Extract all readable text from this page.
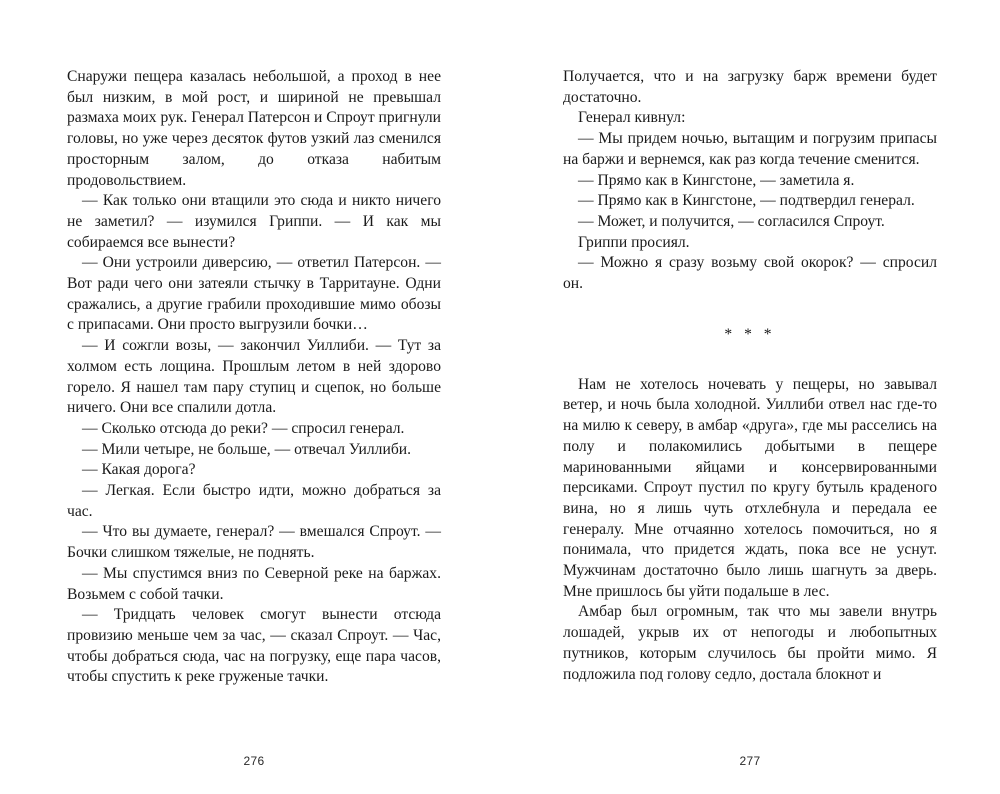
Снаружи пещера казалась небольшой, а проход в нее был низким, в мой рост, и шириной не превышал размаха моих рук. Генерал Патерсон и Спроут пригнули головы, но уже через десяток футов узкий лаз сменился просторным залом, до отказа набитым продовольствием.

— Как только они втащили это сюда и никто ничего не заметил? — изумился Гриппи. — И как мы собираемся все вынести?

— Они устроили диверсию, — ответил Патерсон. — Вот ради чего они затеяли стычку в Тарритауне. Одни сражались, а другие грабили проходившие мимо обозы с припасами. Они просто выгрузили бочки…

— И сожгли возы, — закончил Уиллиби. — Тут за холмом есть лощина. Прошлым летом в ней здорово горело. Я нашел там пару ступиц и сцепок, но больше ничего. Они все спалили дотла.

— Сколько отсюда до реки? — спросил генерал.

— Мили четыре, не больше, — отвечал Уиллиби.

— Какая дорога?

— Легкая. Если быстро идти, можно добраться за час.

— Что вы думаете, генерал? — вмешался Спроут. — Бочки слишком тяжелые, не поднять.

— Мы спустимся вниз по Северной реке на баржах. Возьмем с собой тачки.

— Тридцать человек смогут вынести отсюда провизию меньше чем за час, — сказал Спроут. — Час, чтобы добраться сюда, час на погрузку, еще пара часов, чтобы спустить к реке груженые тачки.

276

Получается, что и на загрузку барж времени будет достаточно.

Генерал кивнул:

— Мы придем ночью, вытащим и погрузим припасы на баржи и вернемся, как раз когда течение сменится.

— Прямо как в Кингстоне, — заметила я.

— Прямо как в Кингстоне, — подтвердил генерал.

— Может, и получится, — согласился Спроут.

Гриппи просиял.

— Можно я сразу возьму свой окорок? — спросил он.

* * *

Нам не хотелось ночевать у пещеры, но завывал ветер, и ночь была холодной. Уиллиби отвел нас где-то на милю к северу, в амбар «друга», где мы расселись на полу и полакомились добытыми в пещере маринованными яйцами и консервированными персиками. Спроут пустил по кругу бутыль краденого вина, но я лишь чуть отхлебнула и передала ее генералу. Мне отчаянно хотелось помочиться, но я понимала, что придется ждать, пока все не уснут. Мужчинам достаточно было лишь шагнуть за дверь. Мне пришлось бы уйти подальше в лес.

Амбар был огромным, так что мы завели внутрь лошадей, укрыв их от непогоды и любопытных путников, которым случилось бы пройти мимо. Я подложила под голову седло, достала блокнот и

277
